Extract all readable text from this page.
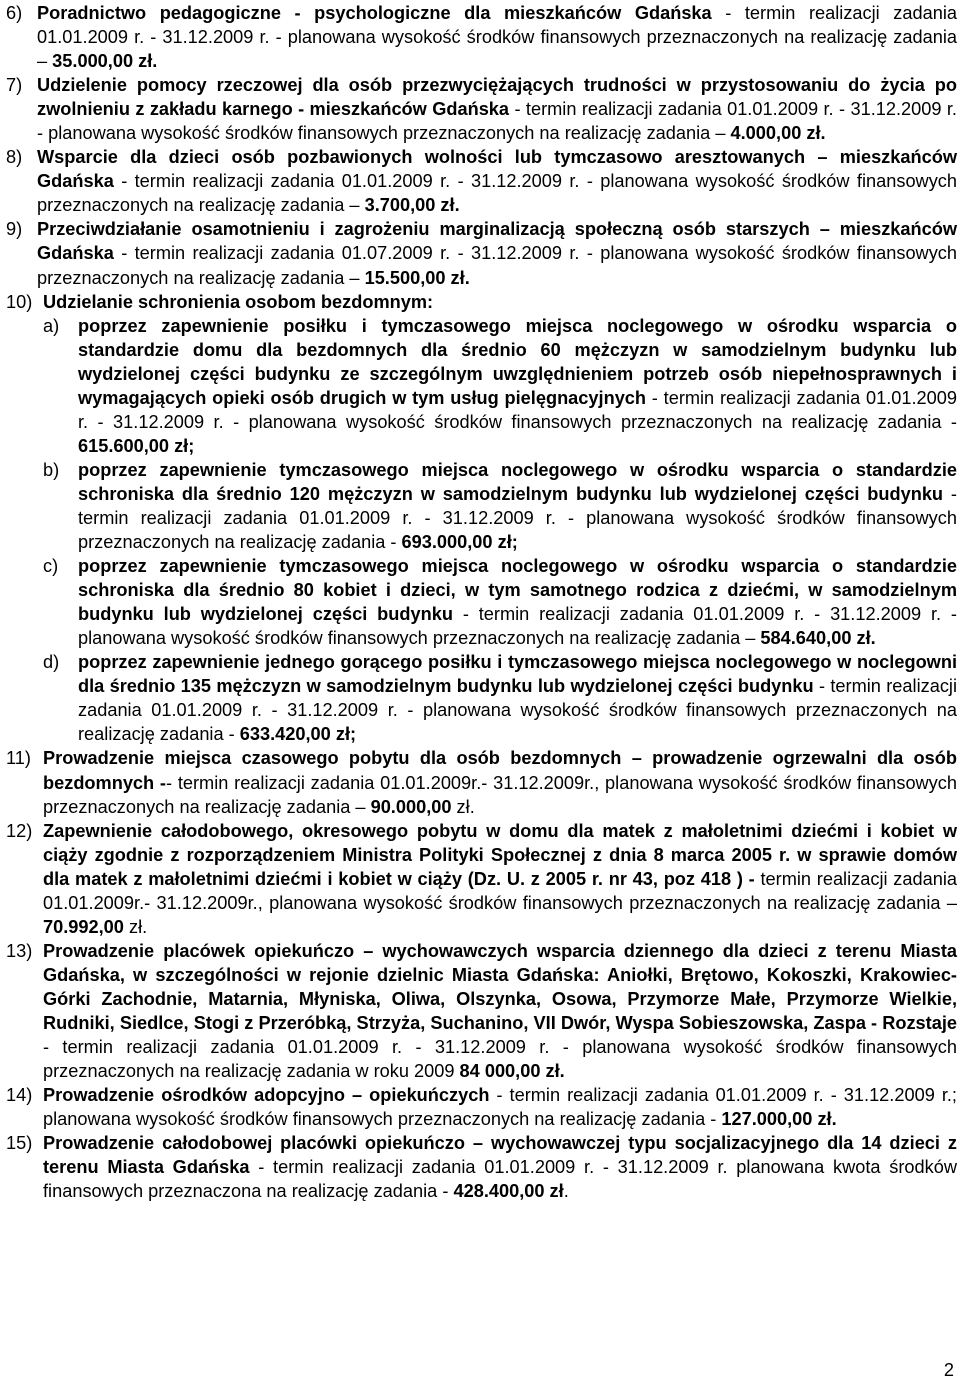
6) Poradnictwo pedagogiczne - psychologiczne dla mieszkańców Gdańska - termin realizacji zadania 01.01.2009 r. - 31.12.2009 r. - planowana wysokość środków finansowych przeznaczonych na realizację zadania – 35.000,00 zł.
7) Udzielenie pomocy rzeczowej dla osób przezwyciężających trudności w przystosowaniu do życia po zwolnieniu z zakładu karnego - mieszkańców Gdańska - termin realizacji zadania 01.01.2009 r. - 31.12.2009 r. - planowana wysokość środków finansowych przeznaczonych na realizację zadania – 4.000,00 zł.
8) Wsparcie dla dzieci osób pozbawionych wolności lub tymczasowo aresztowanych – mieszkańców Gdańska - termin realizacji zadania 01.01.2009 r. - 31.12.2009 r. - planowana wysokość środków finansowych przeznaczonych na realizację zadania – 3.700,00 zł.
9) Przeciwdziałanie osamotnieniu i zagrożeniu marginalizacją społeczną osób starszych – mieszkańców Gdańska - termin realizacji zadania 01.07.2009 r. - 31.12.2009 r. - planowana wysokość środków finansowych przeznaczonych na realizację zadania – 15.500,00 zł.
10) Udzielanie schronienia osobom bezdomnym:
a) poprzez zapewnienie posiłku i tymczasowego miejsca noclegowego w ośrodku wsparcia o standardzie domu dla bezdomnych dla średnio 60 mężczyzn w samodzielnym budynku lub wydzielonej części budynku ze szczególnym uwzględnieniem potrzeb osób niepełnosprawnych i wymagających opieki osób drugich w tym usług pielęgnacyjnych - termin realizacji zadania 01.01.2009 r. - 31.12.2009 r. - planowana wysokość środków finansowych przeznaczonych na realizację zadania - 615.600,00 zł;
b) poprzez zapewnienie tymczasowego miejsca noclegowego w ośrodku wsparcia o standardzie schroniska dla średnio 120 mężczyzn w samodzielnym budynku lub wydzielonej części budynku - termin realizacji zadania 01.01.2009 r. - 31.12.2009 r. - planowana wysokość środków finansowych przeznaczonych na realizację zadania - 693.000,00 zł;
c) poprzez zapewnienie tymczasowego miejsca noclegowego w ośrodku wsparcia o standardzie schroniska dla średnio 80 kobiet i dzieci, w tym samotnego rodzica z dziećmi, w samodzielnym budynku lub wydzielonej części budynku - termin realizacji zadania 01.01.2009 r. - 31.12.2009 r. - planowana wysokość środków finansowych przeznaczonych na realizację zadania – 584.640,00 zł.
d) poprzez zapewnienie jednego gorącego posiłku i tymczasowego miejsca noclegowego w noclegowni dla średnio 135 mężczyzn w samodzielnym budynku lub wydzielonej części budynku - termin realizacji zadania 01.01.2009 r. - 31.12.2009 r. - planowana wysokość środków finansowych przeznaczonych na realizację zadania - 633.420,00 zł;
11) Prowadzenie miejsca czasowego pobytu dla osób bezdomnych – prowadzenie ogrzewalni dla osób bezdomnych -- termin realizacji zadania 01.01.2009r.- 31.12.2009r., planowana wysokość środków finansowych przeznaczonych na realizację zadania – 90.000,00 zł.
12) Zapewnienie całodobowego, okresowego pobytu w domu dla matek z małoletnimi dziećmi i kobiet w ciąży zgodnie z rozporządzeniem Ministra Polityki Społecznej z dnia 8 marca 2005 r. w sprawie domów dla matek z małoletnimi dziećmi i kobiet w ciąży (Dz. U. z 2005 r. nr 43, poz 418 ) - termin realizacji zadania 01.01.2009r.- 31.12.2009r., planowana wysokość środków finansowych przeznaczonych na realizację zadania – 70.992,00 zł.
13) Prowadzenie placówek opiekuńczo – wychowawczych wsparcia dziennego dla dzieci z terenu Miasta Gdańska, w szczególności w rejonie dzielnic Miasta Gdańska: Aniołki, Brętowo, Kokoszki, Krakowiec-Górki Zachodnie, Matarnia, Młyniska, Oliwa, Olszynka, Osowa, Przymorze Małe, Przymorze Wielkie, Rudniki, Siedlce, Stogi z Przeróbką, Strzyża, Suchanino, VII Dwór, Wyspa Sobieszowska, Zaspa - Rozstaje - termin realizacji zadania 01.01.2009 r. - 31.12.2009 r. - planowana wysokość środków finansowych przeznaczonych na realizację zadania w roku 2009 84 000,00 zł.
14) Prowadzenie ośrodków adopcyjno – opiekuńczych - termin realizacji zadania 01.01.2009 r. - 31.12.2009 r.; planowana wysokość środków finansowych przeznaczonych na realizację zadania - 127.000,00 zł.
15) Prowadzenie całodobowej placówki opiekuńczo – wychowawczej typu socjalizacyjnego dla 14 dzieci z terenu Miasta Gdańska - termin realizacji zadania 01.01.2009 r. - 31.12.2009 r. planowana kwota środków finansowych przeznaczona na realizację zadania - 428.400,00 zł.
2
